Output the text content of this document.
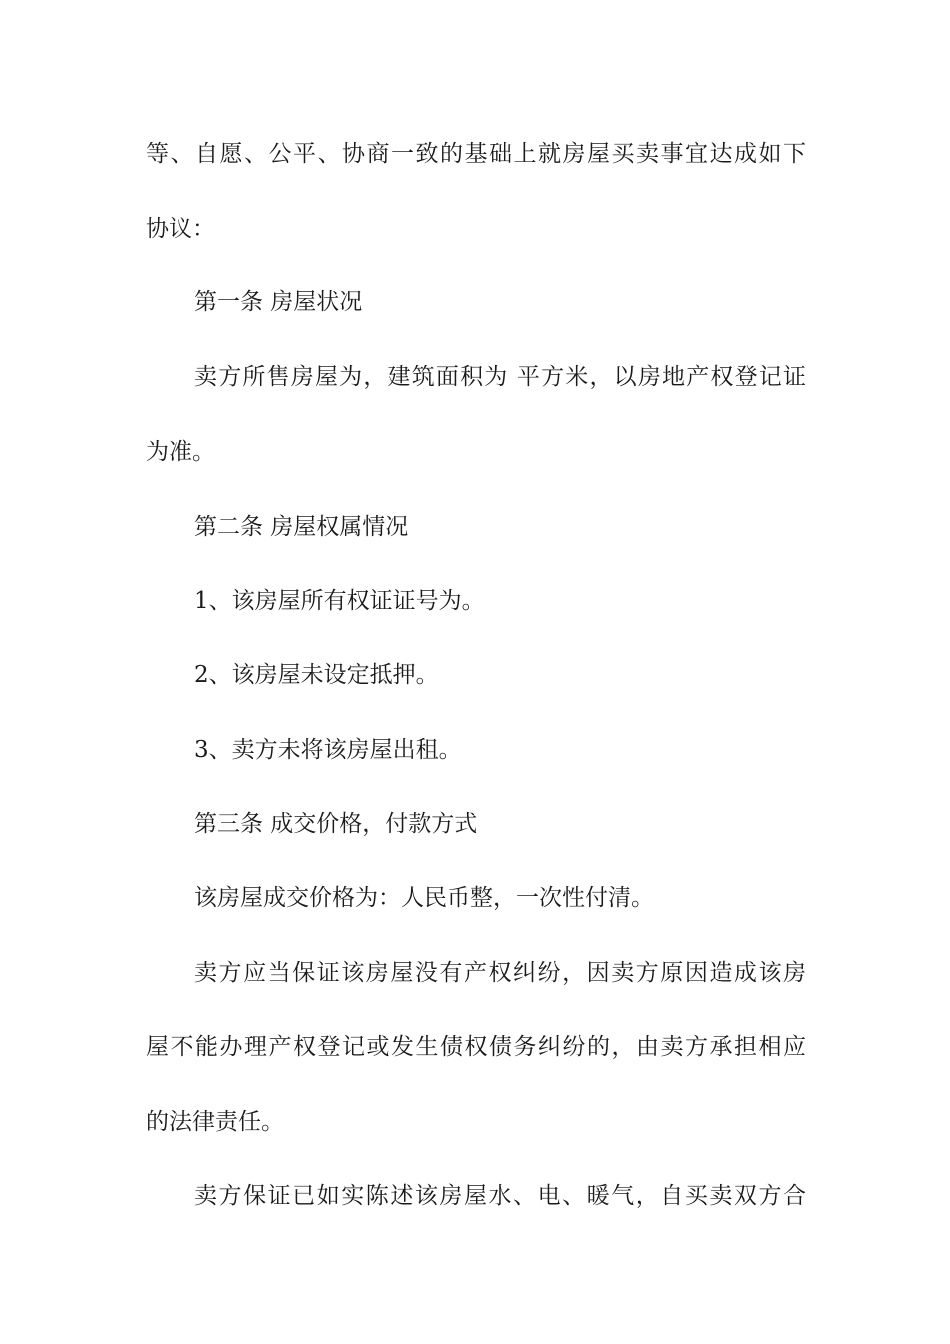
等、自愿、公平、协商一致的基础上就房屋买卖事宜达成如下
协议：
第一条 房屋状况
卖方所售房屋为，建筑面积为 平方米，以房地产权登记证
为准。
第二条 房屋权属情况
1、该房屋所有权证证号为。
2、该房屋未设定抵押。
3、卖方未将该房屋出租。
第三条 成交价格，付款方式
该房屋成交价格为：人民币整，一次性付清。
卖方应当保证该房屋没有产权纠纷，因卖方原因造成该房
屋不能办理产权登记或发生债权债务纠纷的，由卖方承担相应
的法律责任。
卖方保证已如实陈述该房屋水、电、暖气，自买卖双方合
